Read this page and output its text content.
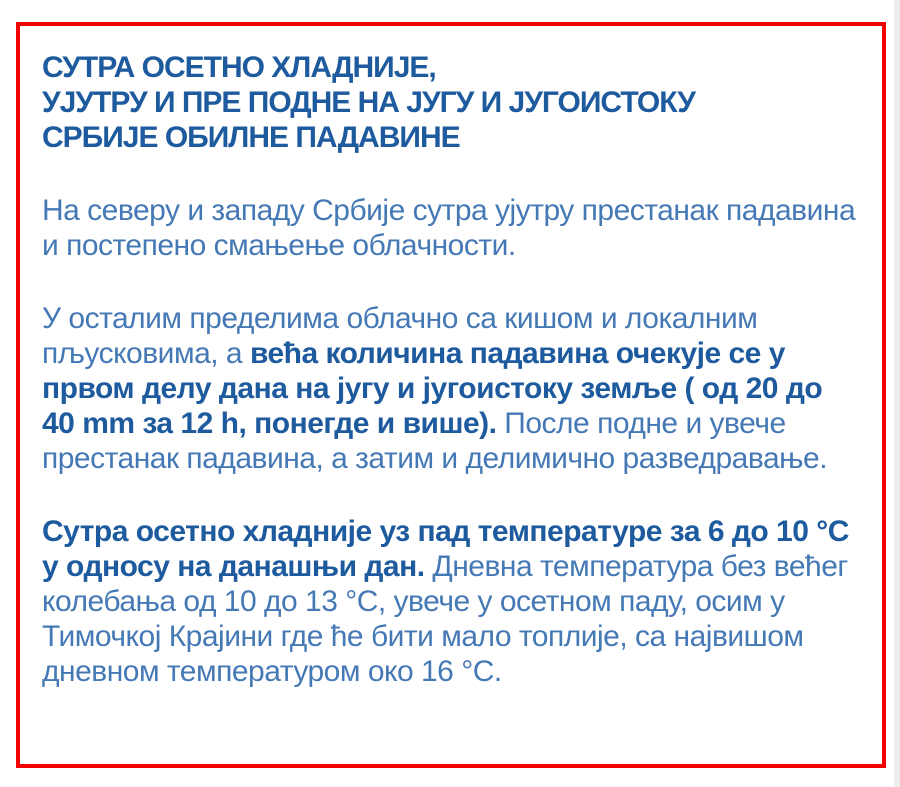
СУТРА ОСЕТНО ХЛАДНИЈЕ,
УЈУТРУ И ПРЕ ПОДНЕ НА ЈУГУ И ЈУГОИСТОКУ
СРБИЈЕ ОБИЛНЕ ПАДАВИНЕ

На северу и западу Србије сутра ујутру престанак падавина и постепено смањење облачности.

У осталим пределима облачно са кишом и локалним пљусковима, а већа количина падавина очекује се у првом делу дана на југу и југоистоку земље ( од 20 до 40 mm за 12 h, понегде и више). После подне и увече престанак падавина, а затим и делимично разведравање.

Сутра осетно хладније уз пад температуре за 6 до 10 °C у односу на данашњи дан. Дневна температура без већег колебања од 10 до 13 °C, увече у осетном паду, осим у Тимочкој Крајини где ће бити мало топлије, са највишом дневном температуром око 16 °C.
